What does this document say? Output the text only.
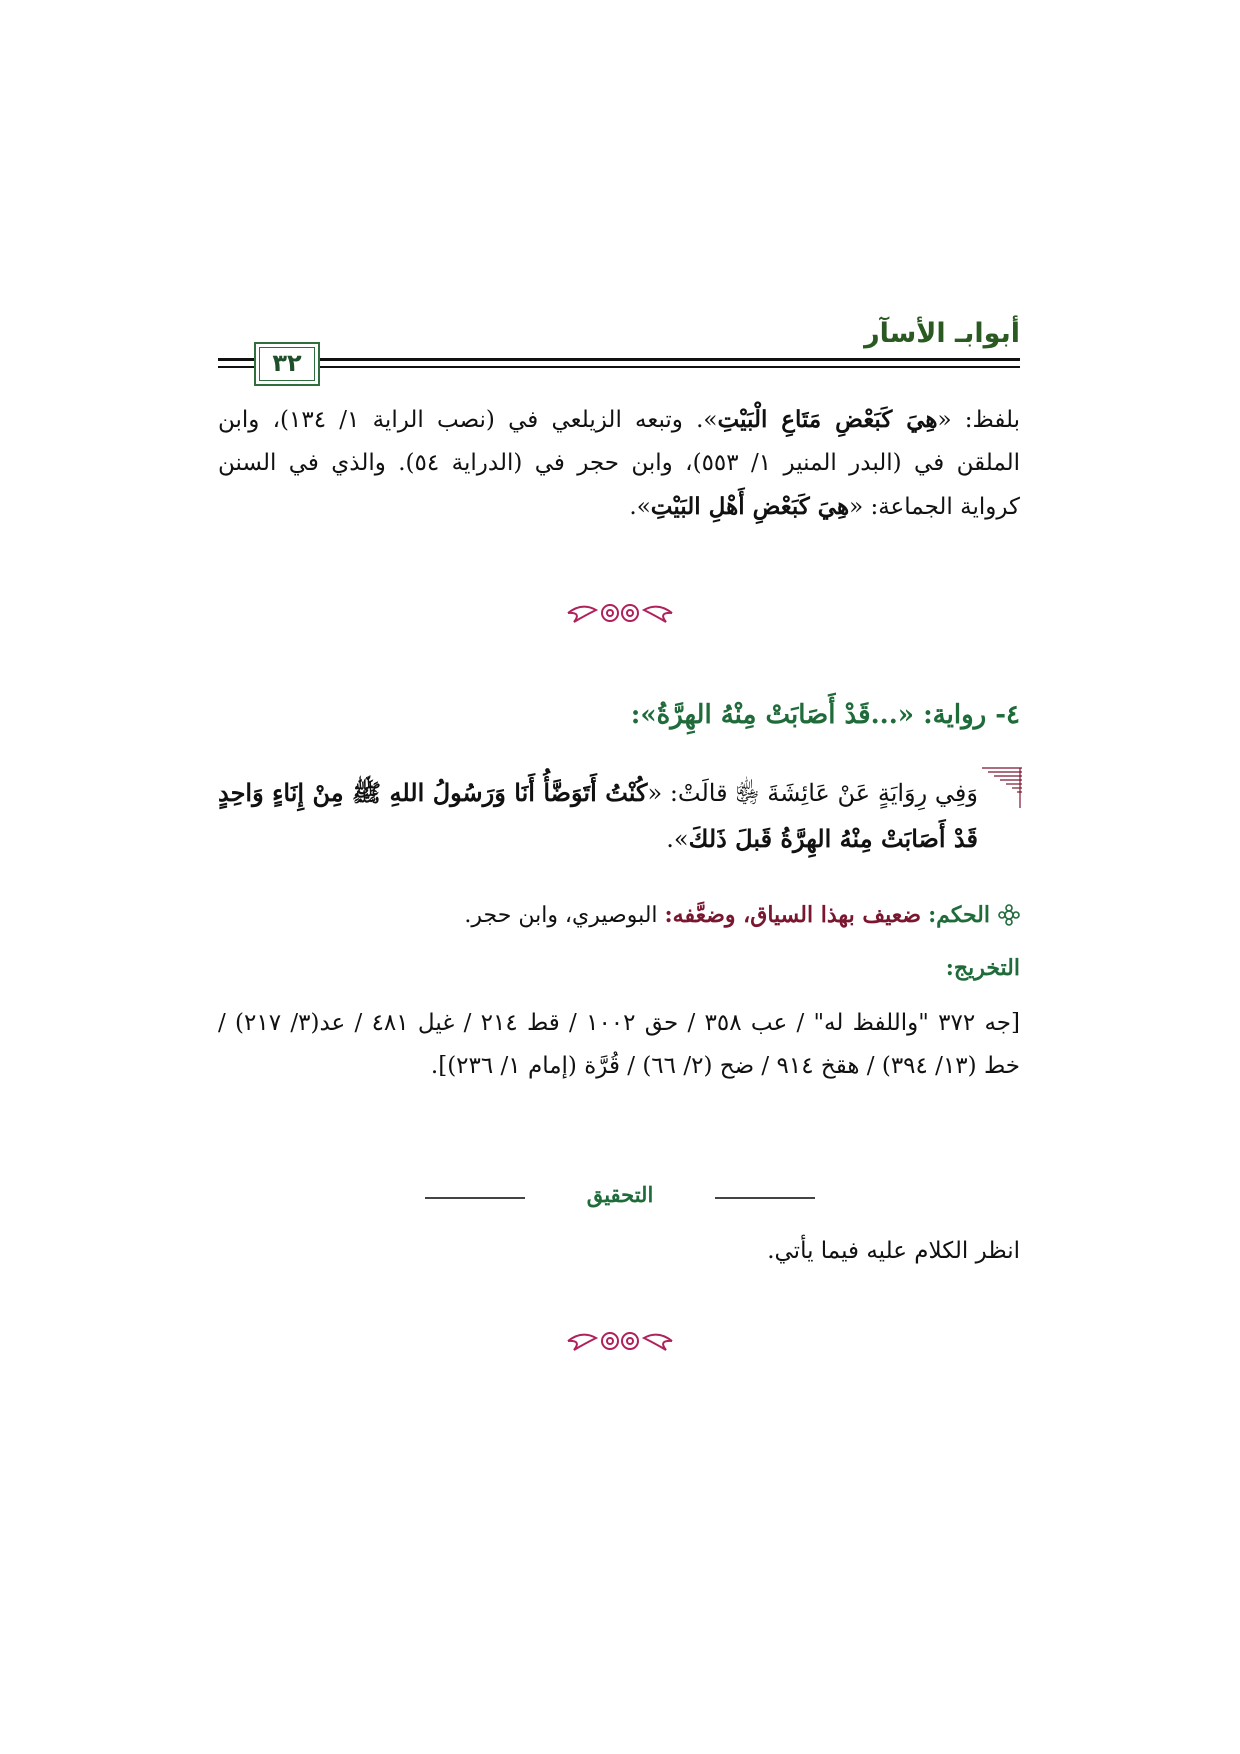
أبوابـ الأسآر
٣٢
بلفظ: «هِيَ كَبَعْضِ مَتَاعِ الْبَيْتِ». وتبعه الزيلعي في (نصب الراية ١/ ١٣٤)، وابن الملقن في (البدر المنير ١/ ٥٥٣)، وابن حجر في (الدراية ٥٤). والذي في السنن كرواية الجماعة: «هِيَ كَبَعْضِ أَهْلِ البَيْتِ».
٤- رواية: «...قَدْ أَصَابَتْ مِنْهُ الهِرَّةُ»:
وَفِي رِوَايَةٍ عَنْ عَائِشَةَ ﵂ قالَتْ: «كُنْتُ أَتَوَضَّأُ أَنَا وَرَسُولُ اللهِ ﷺ مِنْ إِنَاءٍ وَاحِدٍ قَدْ أَصَابَتْ مِنْهُ الهِرَّةُ قَبلَ ذَلكَ».
الحكم: ضعيف بهذا السياق، وضعَّفه: البوصيري، وابن حجر.
التخريج:
[جه ٣٧٢ "واللفظ له" / عب ٣٥٨ / حق ١٠٠٢ / قط ٢١٤ / غيل ٤٨١ / عد(٣/ ٢١٧) / خط (١٣/ ٣٩٤) / هقخ ٩١٤ / ضح (٢/ ٦٦) / قُرَّة (إمام ١/ ٢٣٦)].
التحقيق
انظر الكلام عليه فيما يأتي.
